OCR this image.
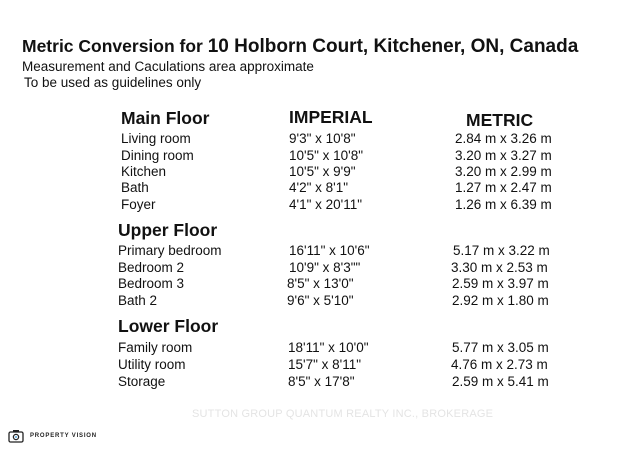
Metric Conversion for 10 Holborn Court, Kitchener, ON, Canada
Measurement and Caculations area approximate
To be used as guidelines only
IMPERIAL	METRIC
Main Floor
Living room	9'3" x 10'8"	2.84 m x 3.26 m
Dining room	10'5" x 10'8"	3.20 m x 3.27 m
Kitchen	10'5" x 9'9"	3.20 m x 2.99 m
Bath	4'2" x 8'1"	1.27 m x 2.47 m
Foyer	4'1" x 20'11"	1.26 m x 6.39 m
Upper Floor
Primary bedroom	16'11" x 10'6"	5.17 m x 3.22 m
Bedroom 2	10'9" x 8'3""	3.30 m x 2.53 m
Bedroom 3	8'5" x 13'0"	2.59 m x 3.97 m
Bath 2	9'6" x 5'10"	2.92 m x 1.80 m
Lower Floor
Family room	18'11" x 10'0"	5.77 m x 3.05 m
Utility room	15'7" x 8'11"	4.76 m x 2.73 m
Storage	8'5" x 17'8"	2.59 m x 5.41 m
SUTTON GROUP QUANTUM REALTY INC., BROKERAGE
PROPERTY VISION
